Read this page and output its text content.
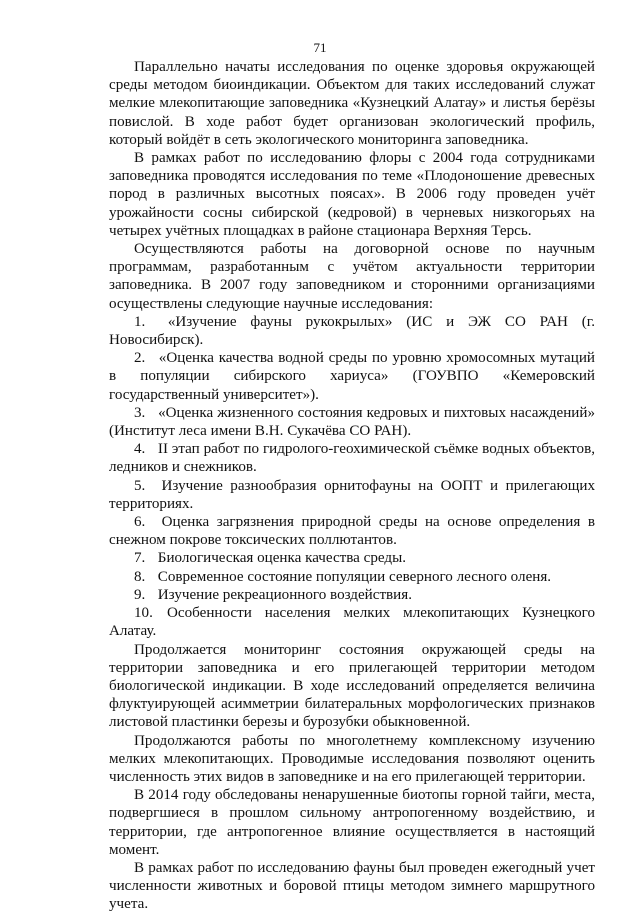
71

Параллельно начаты исследования по оценке здоровья окружающей среды методом биоиндикации. Объектом для таких исследований служат мелкие млекопитающие заповедника «Кузнецкий Алатау» и листья берёзы повислой. В ходе работ будет организован экологический профиль, который войдёт в сеть экологического мониторинга заповедника.

В рамках работ по исследованию флоры с 2004 года сотрудниками заповедника проводятся исследования по теме «Плодоношение древесных пород в различных высотных поясах». В 2006 году проведен учёт урожайности сосны сибирской (кедровой) в черневых низкогорьях на четырех учётных площадках в районе стационара Верхняя Терсь.

Осуществляются работы на договорной основе по научным программам, разработанным с учётом актуальности территории заповедника. В 2007 году заповедником и сторонними организациями осуществлены следующие научные исследования:

1. «Изучение фауны рукокрылых» (ИС и ЭЖ СО РАН (г. Новосибирск).
2. «Оценка качества водной среды по уровню хромосомных мутаций в популяции сибирского хариуса» (ГОУВПО «Кемеровский государственный университет»).
3. «Оценка жизненного состояния кедровых и пихтовых насаждений» (Институт леса имени В.Н. Сукачёва СО РАН).
4. II этап работ по гидролого-геохимической съёмке водных объектов, ледников и снежников.
5. Изучение разнообразия орнитофауны на ООПТ и прилегающих территориях.
6. Оценка загрязнения природной среды на основе определения в снежном покрове токсических поллютантов.
7. Биологическая оценка качества среды.
8. Современное состояние популяции северного лесного оленя.
9. Изучение рекреационного воздействия.
10. Особенности населения мелких млекопитающих Кузнецкого Алатау.

Продолжается мониторинг состояния окружающей среды на территории заповедника и его прилегающей территории методом биологической индикации. В ходе исследований определяется величина флуктуирующей асимметрии билатеральных морфологических признаков листовой пластинки березы и бурозубки обыкновенной.

Продолжаются работы по многолетнему комплексному изучению мелких млекопитающих. Проводимые исследования позволяют оценить численность этих видов в заповеднике и на его прилегающей территории.

В 2014 году обследованы ненарушенные биотопы горной тайги, места, подвергшиеся в прошлом сильному антропогенному воздействию, и территории, где антропогенное влияние осуществляется в настоящий момент.

В рамках работ по исследованию фауны был проведен ежегодный учет численности животных и боровой птицы методом зимнего маршрутного учета.
